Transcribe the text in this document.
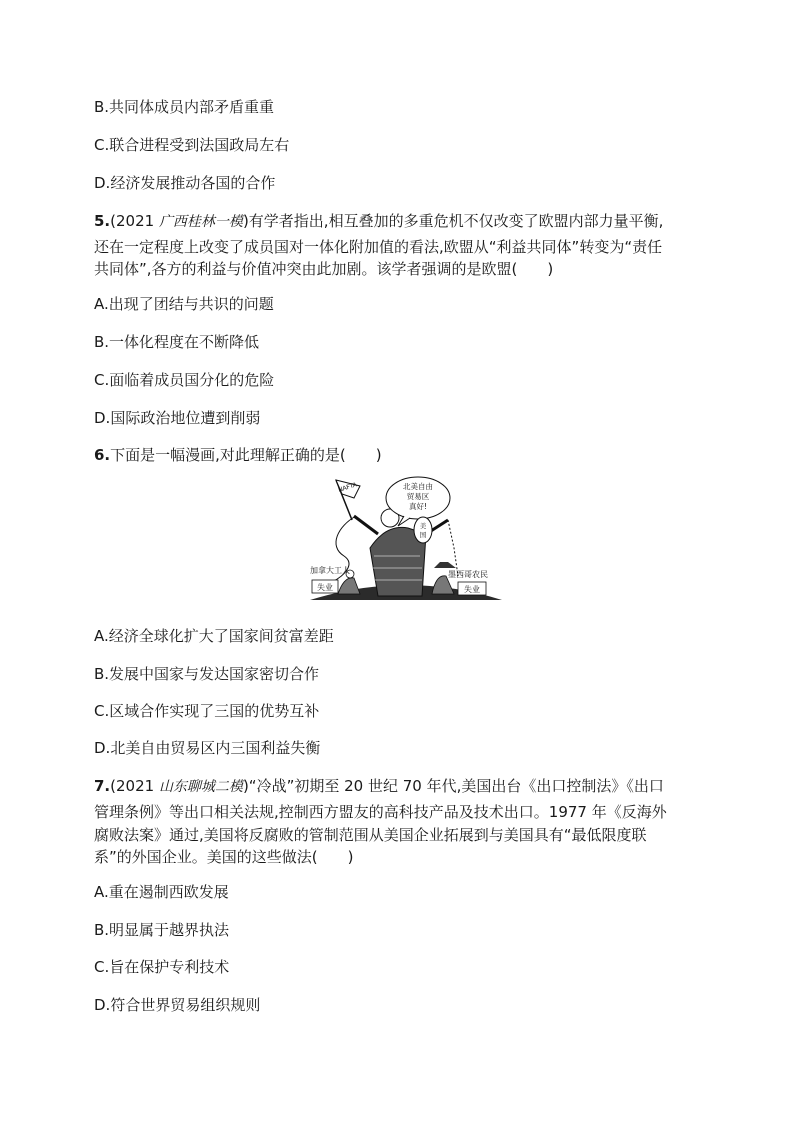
B.共同体成员内部矛盾重重
C.联合进程受到法国政局左右
D.经济发展推动各国的合作
5.(2021 广西桂林一模)有学者指出,相互叠加的多重危机不仅改变了欧盟内部力量平衡,
还在一定程度上改变了成员国对一体化附加值的看法,欧盟从“利益共同体”转变为“责任
共同体”,各方的利益与价值冲突由此加剧。该学者强调的是欧盟(　　)
A.出现了团结与共识的问题
B.一体化程度在不断降低
C.面临着成员国分化的危险
D.国际政治地位遭到削弱
6.下面是一幅漫画,对此理解正确的是(　　)
NAFTA	北美自由
贸易区
真好!
美
国
加拿大工人
失业
墨西哥农民
失业
A.经济全球化扩大了国家间贫富差距
B.发展中国家与发达国家密切合作
C.区域合作实现了三国的优势互补
D.北美自由贸易区内三国利益失衡
7.(2021 山东聊城二模)“冷战”初期至 20 世纪 70 年代,美国出台《出口控制法》《出口
管理条例》等出口相关法规,控制西方盟友的高科技产品及技术出口。1977 年《反海外
腐败法案》通过,美国将反腐败的管制范围从美国企业拓展到与美国具有“最低限度联
系”的外国企业。美国的这些做法(　　)
A.重在遏制西欧发展
B.明显属于越界执法
C.旨在保护专利技术
D.符合世界贸易组织规则
